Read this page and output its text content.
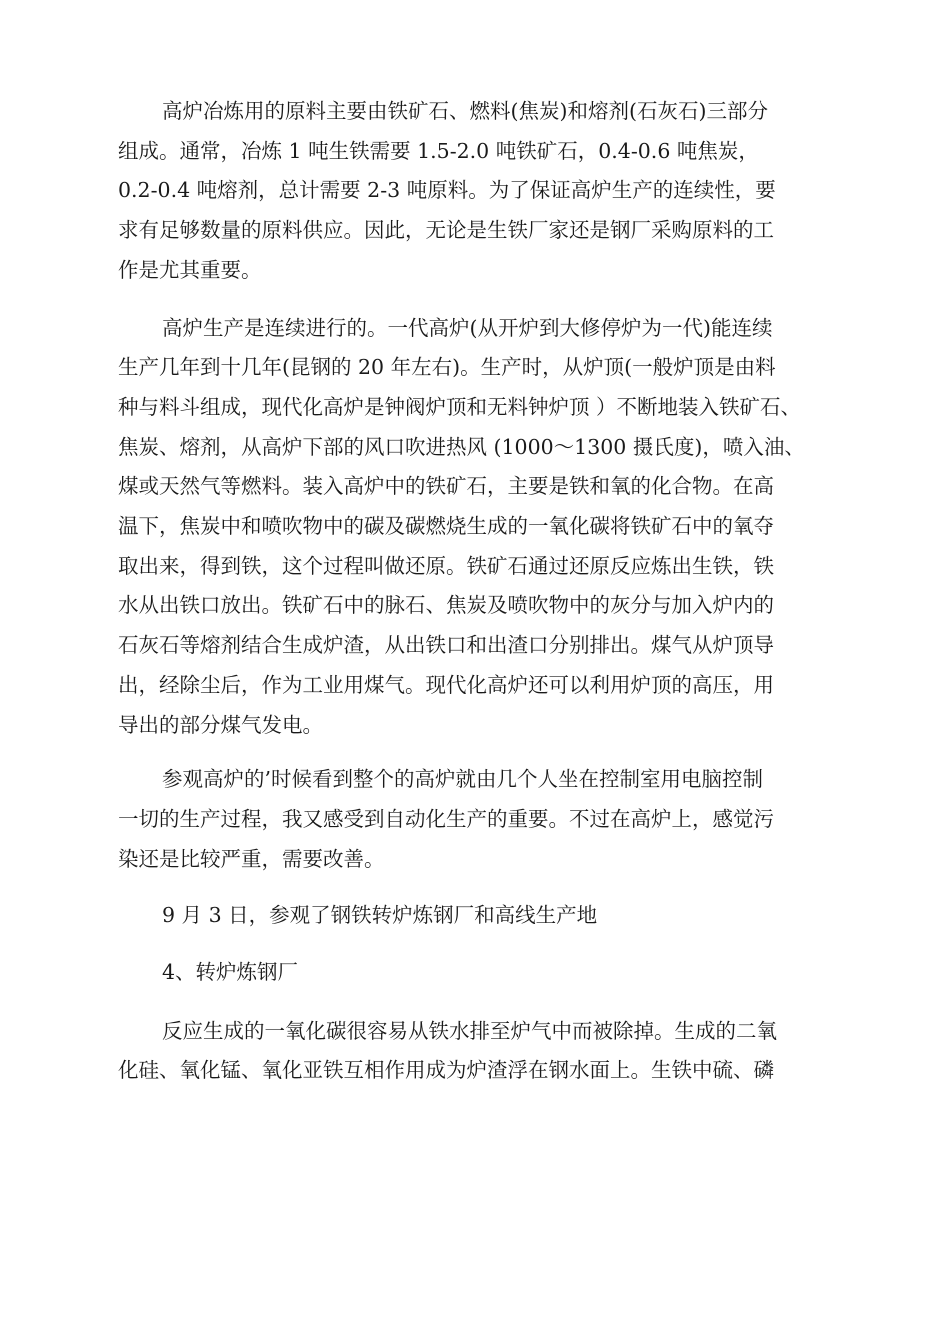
高炉冶炼用的原料主要由铁矿石、燃料(焦炭)和熔剂(石灰石)三部分
组成。通常，冶炼 1 吨生铁需要 1.5-2.0 吨铁矿石，0.4-0.6 吨焦炭，
0.2-0.4 吨熔剂，总计需要 2-3 吨原料。为了保证高炉生产的连续性，要
求有足够数量的原料供应。因此，无论是生铁厂家还是钢厂采购原料的工
作是尤其重要。

高炉生产是连续进行的。一代高炉(从开炉到大修停炉为一代)能连续
生产几年到十几年(昆钢的 20 年左右)。生产时，从炉顶(一般炉顶是由料
种与料斗组成，现代化高炉是钟阀炉顶和无料钟炉顶 ）不断地装入铁矿石、
焦炭、熔剂，从高炉下部的风口吹进热风 (1000～1300 摄氏度)，喷入油、
煤或天然气等燃料。装入高炉中的铁矿石，主要是铁和氧的化合物。在高
温下，焦炭中和喷吹物中的碳及碳燃烧生成的一氧化碳将铁矿石中的氧夺
取出来，得到铁，这个过程叫做还原。铁矿石通过还原反应炼出生铁，铁
水从出铁口放出。铁矿石中的脉石、焦炭及喷吹物中的灰分与加入炉内的
石灰石等熔剂结合生成炉渣，从出铁口和出渣口分别排出。煤气从炉顶导
出，经除尘后，作为工业用煤气。现代化高炉还可以利用炉顶的高压，用
导出的部分煤气发电。

参观高炉的’时候看到整个的高炉就由几个人坐在控制室用电脑控制
一切的生产过程，我又感受到自动化生产的重要。不过在高炉上，感觉污
染还是比较严重，需要改善。

9 月 3 日，参观了钢铁转炉炼钢厂和高线生产地

4、转炉炼钢厂

反应生成的一氧化碳很容易从铁水排至炉气中而被除掉。生成的二氧
化硅、氧化锰、氧化亚铁互相作用成为炉渣浮在钢水面上。生铁中硫、磷
